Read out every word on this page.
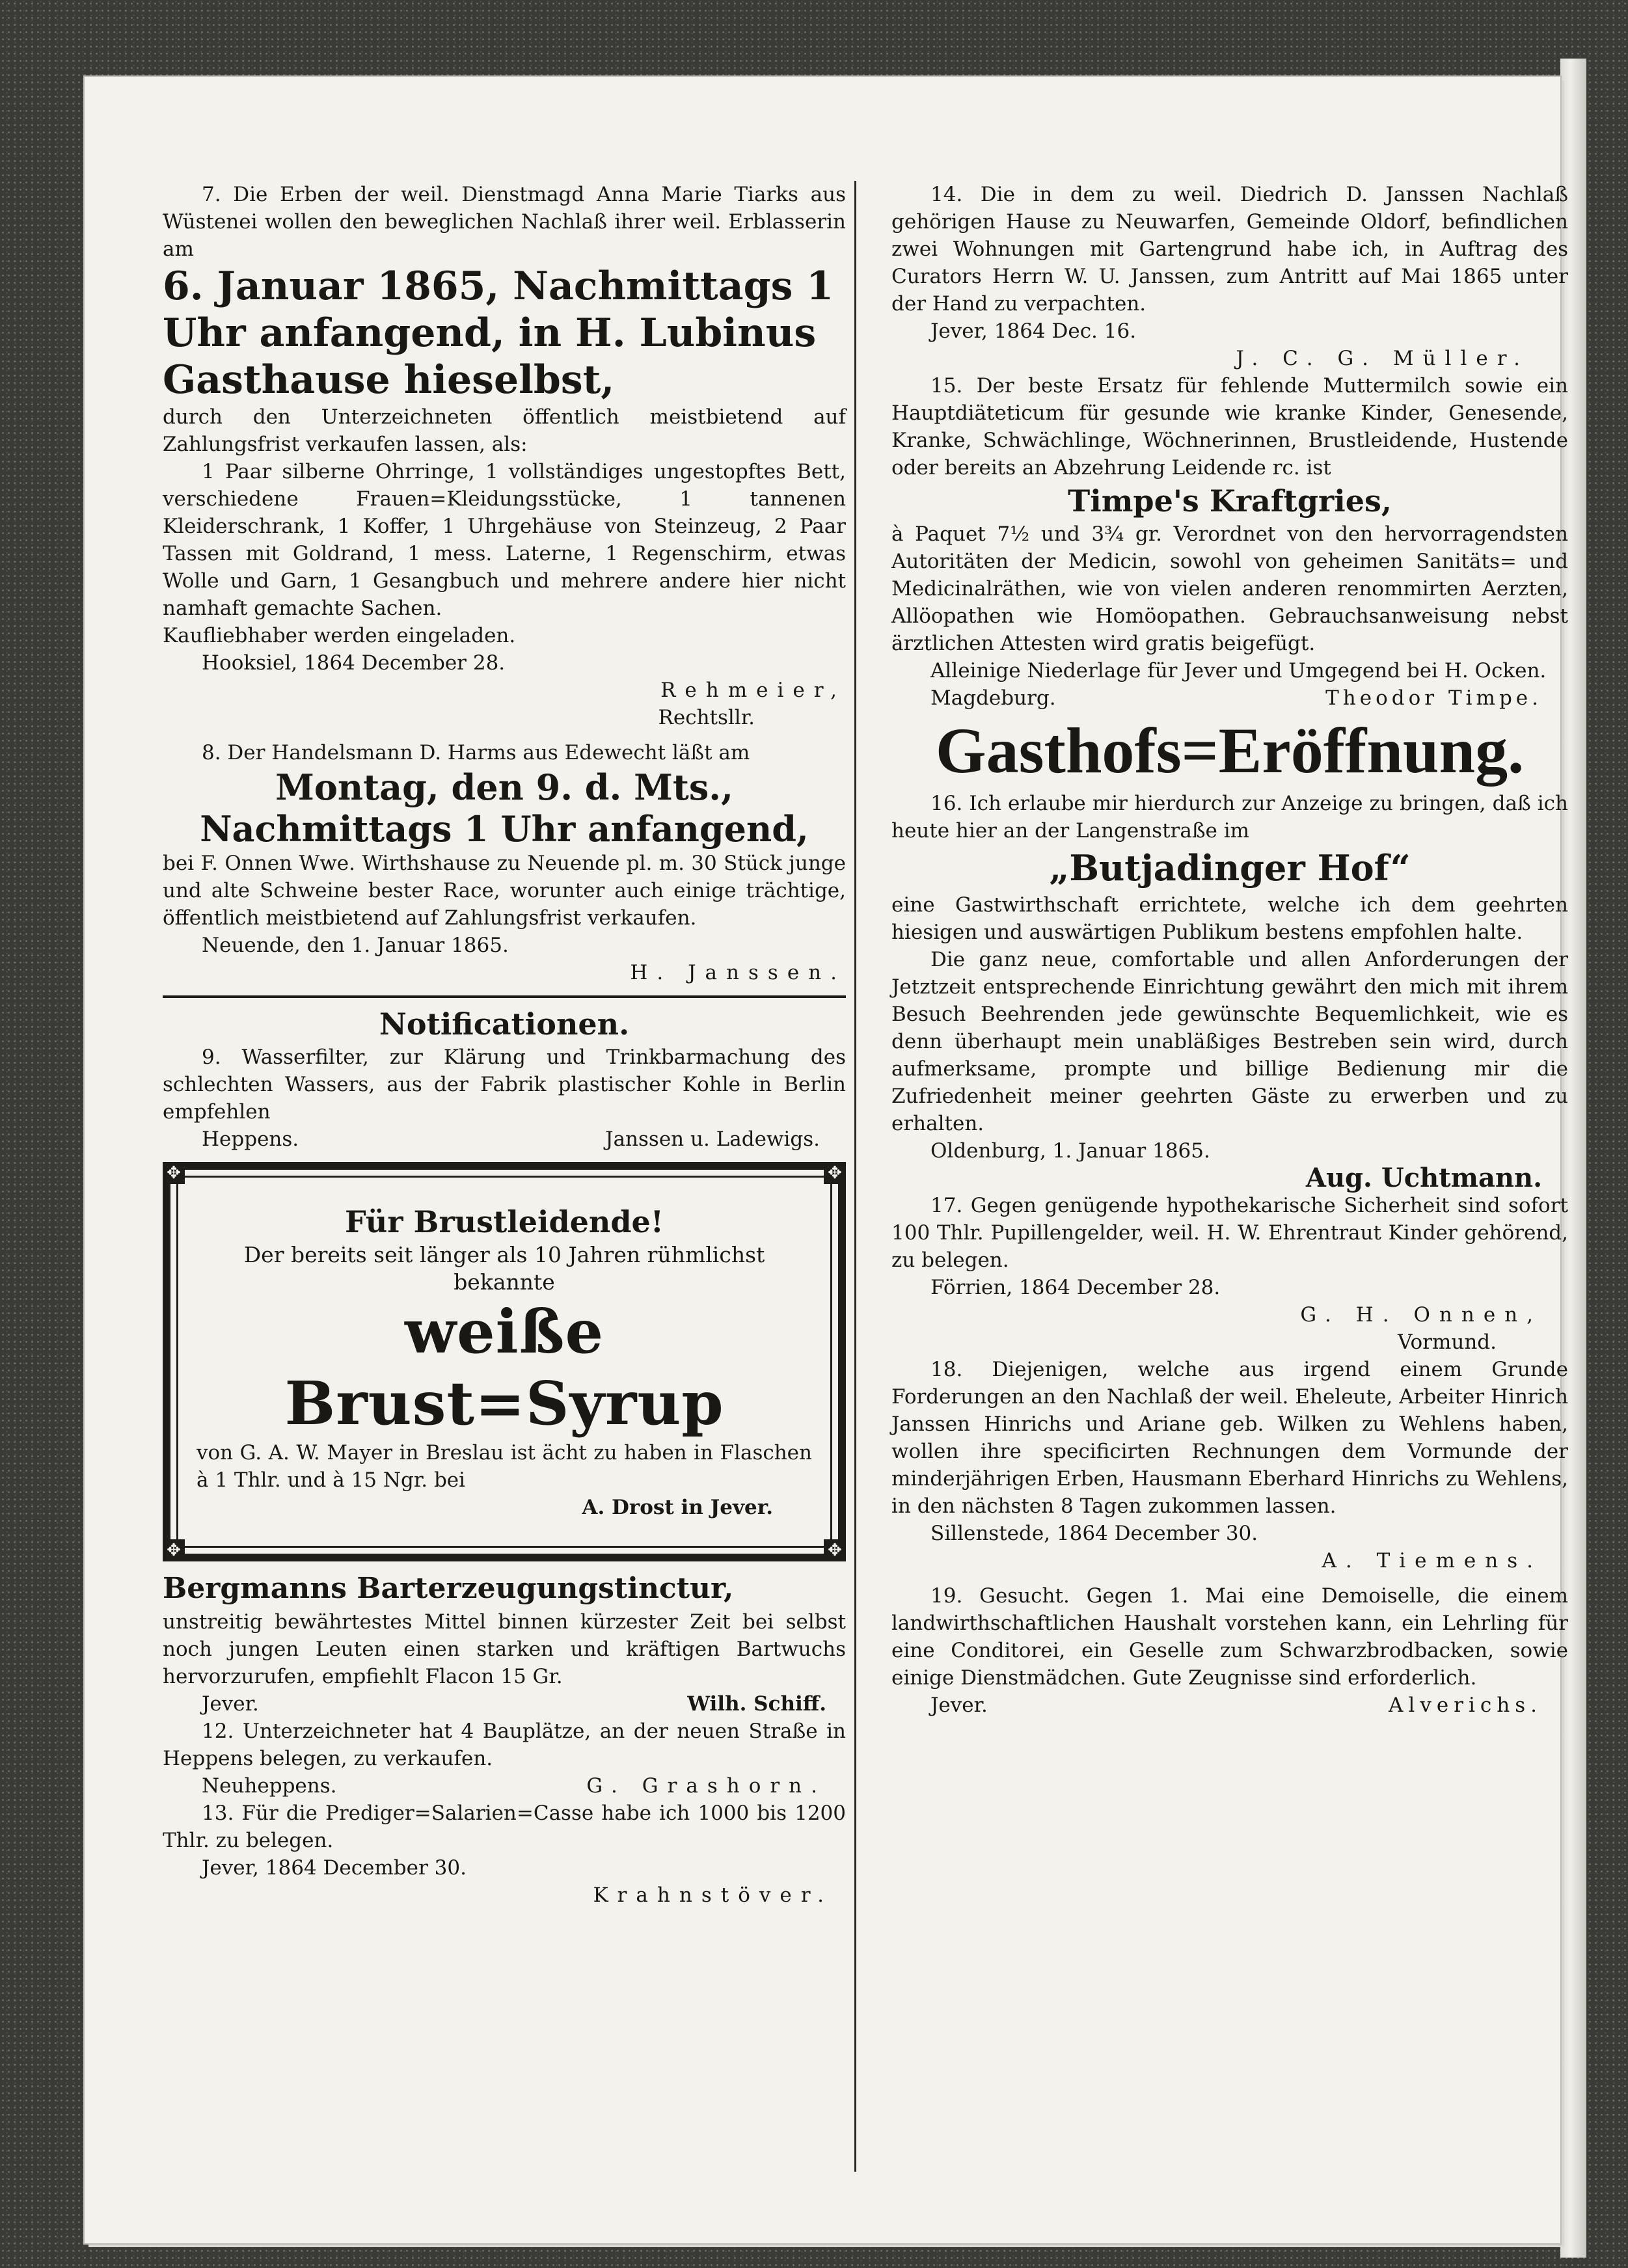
7. Die Erben der weil. Dienstmagd Anna Marie Tiarks aus Wüstenei wollen den beweglichen Nachlaß ihrer weil. Erblasserin am

6. Januar 1865, Nachmittags 1 Uhr anfangend, in H. Lubinus Gasthause hieselbst,

durch den Unterzeichneten öffentlich meistbietend auf Zahlungsfrist verkaufen lassen, als:

1 Paar silberne Ohrringe, 1 vollständiges ungestopftes Bett, verschiedene Frauen=Kleidungsstücke, 1 tannenen Kleiderschrank, 1 Koffer, 1 Uhrgehäuse von Steinzeug, 2 Paar Tassen mit Goldrand, 1 mess. Laterne, 1 Regenschirm, etwas Wolle und Garn, 1 Gesangbuch und mehrere andere hier nicht namhaft gemachte Sachen.

Kaufliebhaber werden eingeladen.

Hooksiel, 1864 December 28.

Rehmeier,

Rechtsllr.

8. Der Handelsmann D. Harms aus Edewecht läßt am

Montag, den 9. d. Mts.,

Nachmittags 1 Uhr anfangend,

bei F. Onnen Wwe. Wirthshause zu Neuende pl. m. 30 Stück junge und alte Schweine bester Race, worunter auch einige trächtige, öffentlich meistbietend auf Zahlungsfrist verkaufen.

Neuende, den 1. Januar 1865.

H. Janssen.

Notificationen.

9. Wasserfilter, zur Klärung und Trinkbarmachung des schlechten Wassers, aus der Fabrik plastischer Kohle in Berlin empfehlen

Heppens.	Janssen u. Ladewigs.
✥	✥
✥	✥

Für Brustleidende!

Der bereits seit länger als 10 Jahren rühmlichst bekannte

weiße Brust=Syrup

von G. A. W. Mayer in Breslau ist ächt zu haben in Flaschen à 1 Thlr. und à 15 Ngr. bei

A. Drost in Jever.

Bergmanns Barterzeugungstinctur,

unstreitig bewährtestes Mittel binnen kürzester Zeit bei selbst noch jungen Leuten einen starken und kräftigen Bartwuchs hervorzurufen, empfiehlt Flacon 15 Gr.

Jever.	Wilh. Schiff.

12. Unterzeichneter hat 4 Bauplätze, an der neuen Straße in Heppens belegen, zu verkaufen.

Neuheppens.	G. Grashorn.

13. Für die Prediger=Salarien=Casse habe ich 1000 bis 1200 Thlr. zu belegen.

Jever, 1864 December 30.

Krahnstöver.

14. Die in dem zu weil. Diedrich D. Janssen Nachlaß gehörigen Hause zu Neuwarfen, Gemeinde Oldorf, befindlichen zwei Wohnungen mit Gartengrund habe ich, in Auftrag des Curators Herrn W. U. Janssen, zum Antritt auf Mai 1865 unter der Hand zu verpachten.

Jever, 1864 Dec. 16.

J. C. G. Müller.

15. Der beste Ersatz für fehlende Muttermilch sowie ein Hauptdiäteticum für gesunde wie kranke Kinder, Genesende, Kranke, Schwächlinge, Wöchnerinnen, Brustleidende, Hustende oder bereits an Abzehrung Leidende rc. ist

Timpe's Kraftgries,

à Paquet 7½ und 3¾ gr. Verordnet von den hervorragendsten Autoritäten der Medicin, sowohl von geheimen Sanitäts= und Medicinalräthen, wie von vielen anderen renommirten Aerzten, Allöopathen wie Homöopathen. Gebrauchsanweisung nebst ärztlichen Attesten wird gratis beigefügt.

Alleinige Niederlage für Jever und Umgegend bei H. Ocken.

Magdeburg.	Theodor Timpe.

Gasthofs=Eröffnung.

16. Ich erlaube mir hierdurch zur Anzeige zu bringen, daß ich heute hier an der Langenstraße im

„Butjadinger Hof“

eine Gastwirthschaft errichtete, welche ich dem geehrten hiesigen und auswärtigen Publikum bestens empfohlen halte.

Die ganz neue, comfortable und allen Anforderungen der Jetztzeit entsprechende Einrichtung gewährt den mich mit ihrem Besuch Beehrenden jede gewünschte Bequemlichkeit, wie es denn überhaupt mein unabläßiges Bestreben sein wird, durch aufmerksame, prompte und billige Bedienung mir die Zufriedenheit meiner geehrten Gäste zu erwerben und zu erhalten.

Oldenburg, 1. Januar 1865.

Aug. Uchtmann.

17. Gegen genügende hypothekarische Sicherheit sind sofort 100 Thlr. Pupillengelder, weil. H. W. Ehrentraut Kinder gehörend, zu belegen.

Förrien, 1864 December 28.

G. H. Onnen,

Vormund.

18. Diejenigen, welche aus irgend einem Grunde Forderungen an den Nachlaß der weil. Eheleute, Arbeiter Hinrich Janssen Hinrichs und Ariane geb. Wilken zu Wehlens haben, wollen ihre specificirten Rechnungen dem Vormunde der minderjährigen Erben, Hausmann Eberhard Hinrichs zu Wehlens, in den nächsten 8 Tagen zukommen lassen.

Sillenstede, 1864 December 30.

A. Tiemens.

19. Gesucht. Gegen 1. Mai eine Demoiselle, die einem landwirthschaftlichen Haushalt vorstehen kann, ein Lehrling für eine Conditorei, ein Geselle zum Schwarzbrodbacken, sowie einige Dienstmädchen. Gute Zeugnisse sind erforderlich.

Jever.	Alverichs.
